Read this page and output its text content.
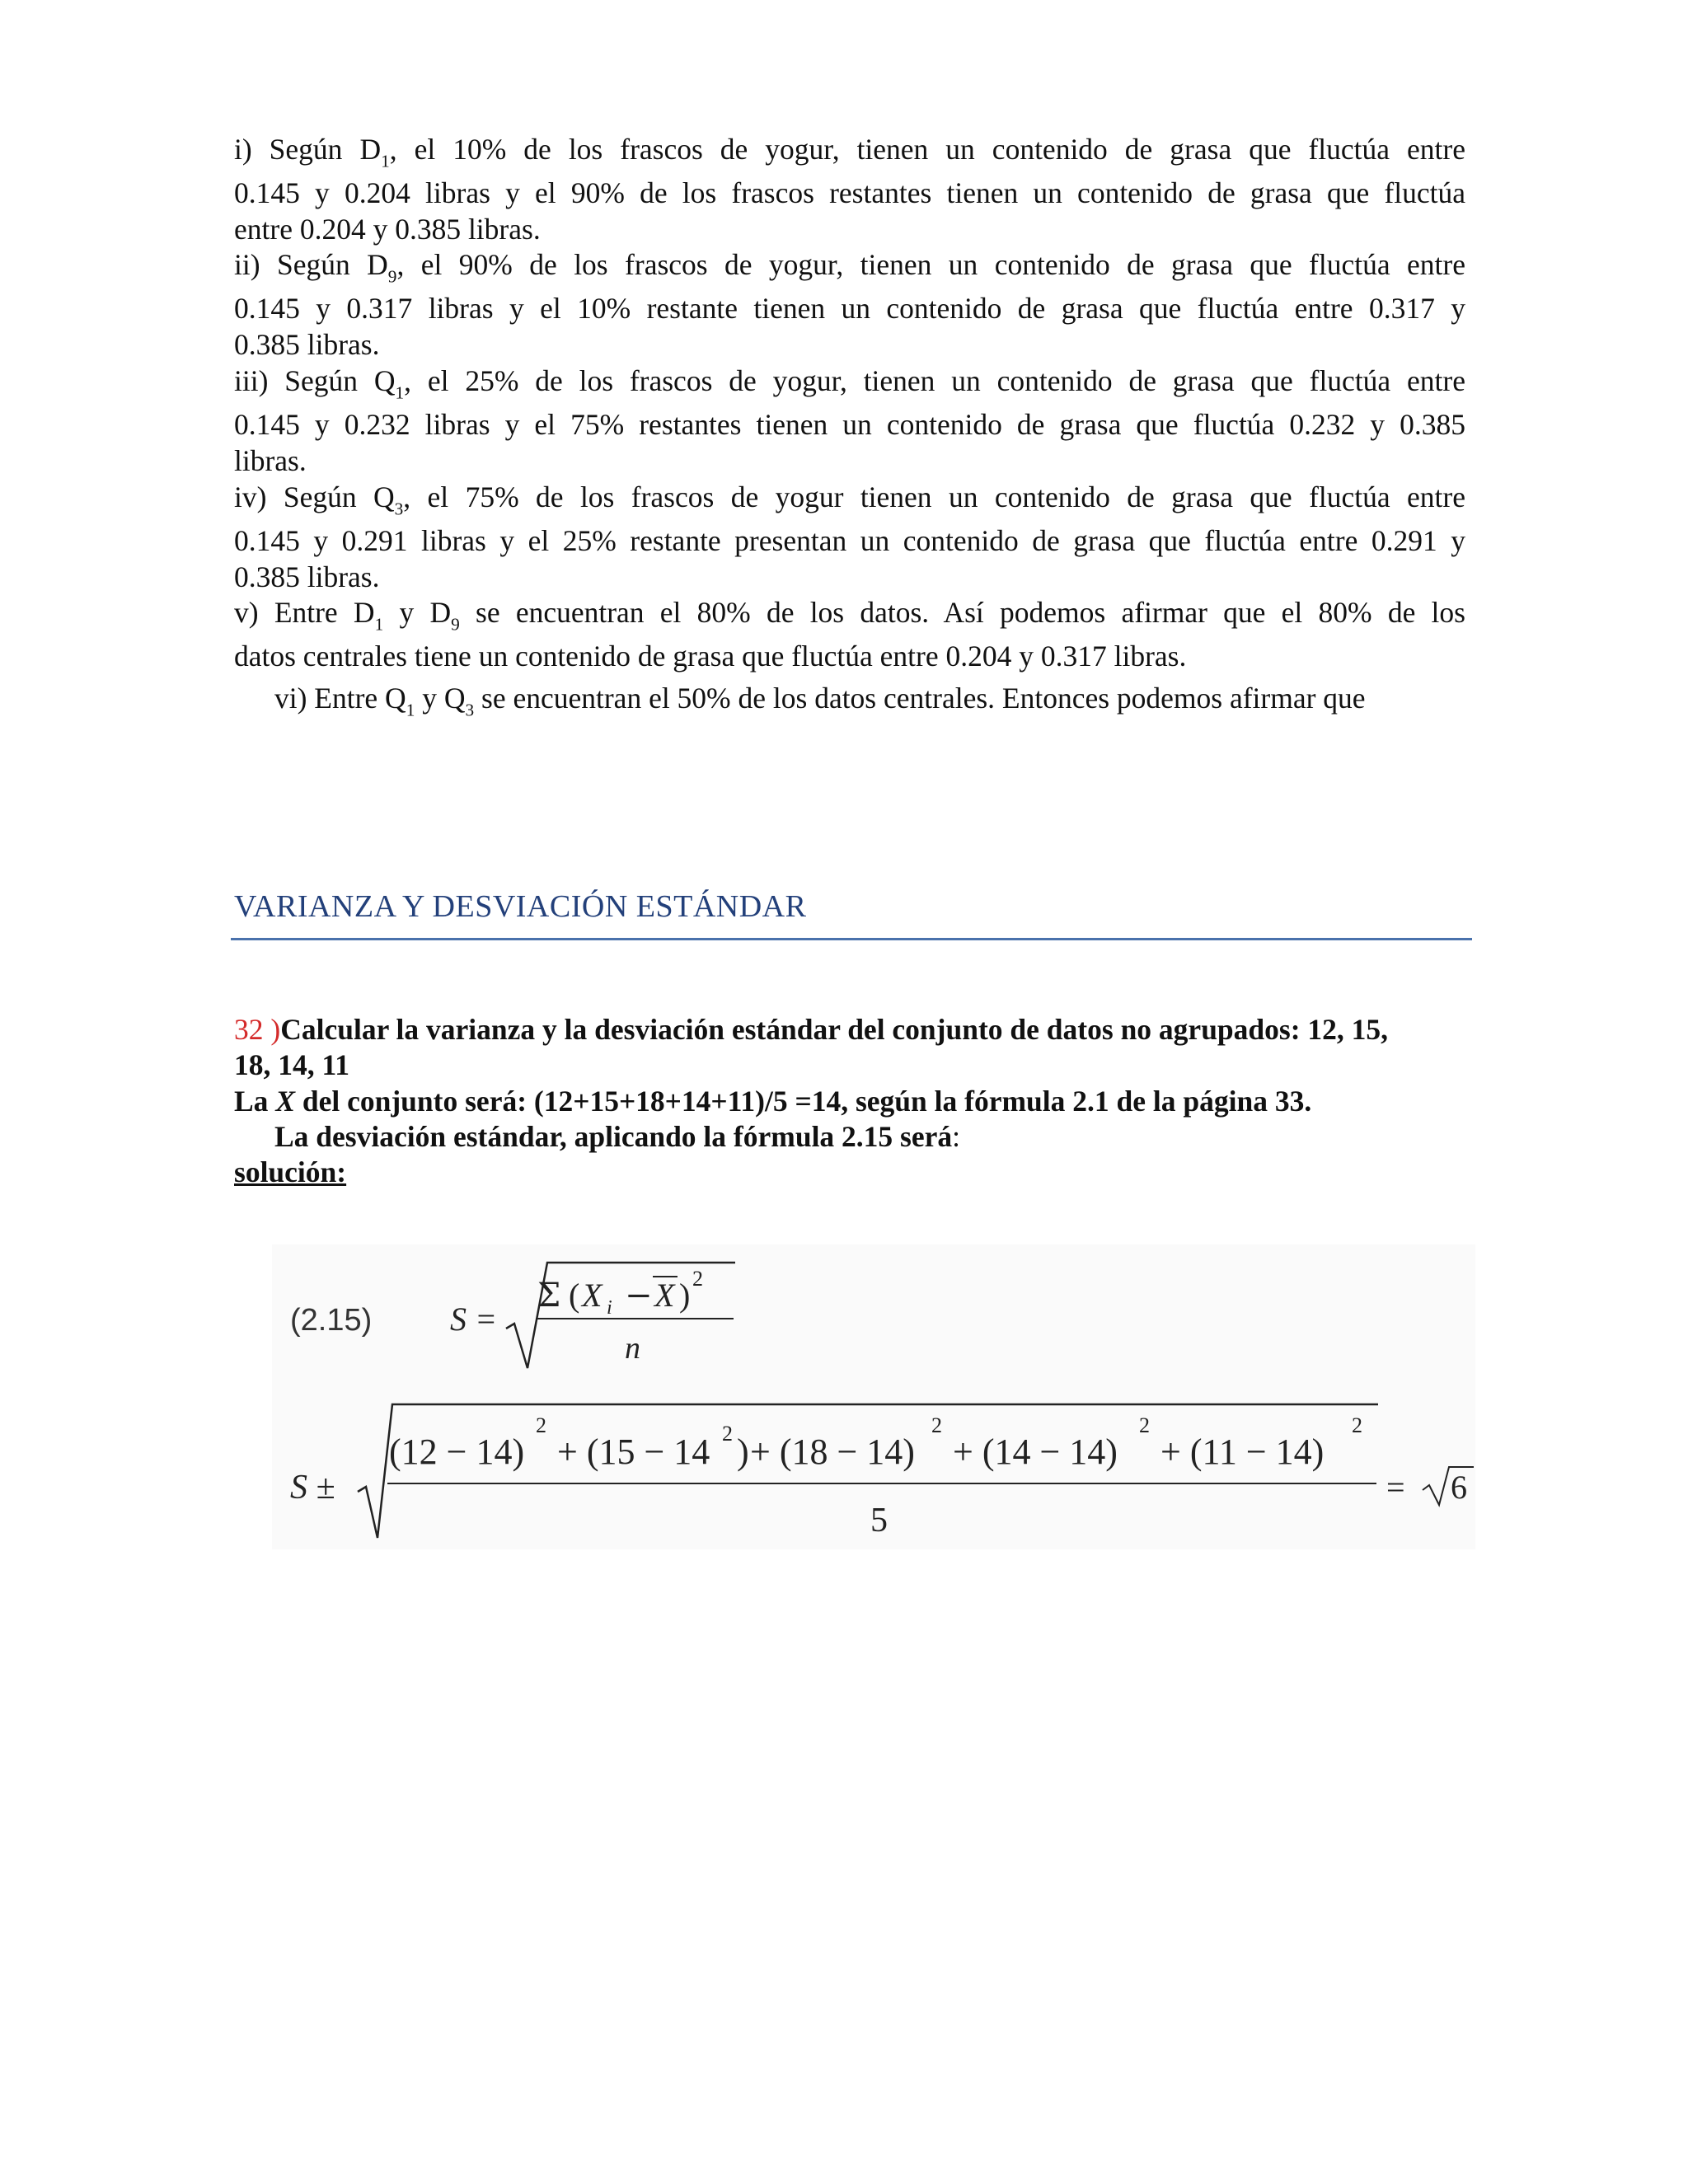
i) Según $D_1$, el 10% de los frascos de yogur, tienen un contenido de grasa que fluctúa entre
0.145 y 0.204 libras y el 90% de los frascos restantes tienen un contenido de grasa que fluctúa
entre 0.204 y 0.385 libras.
ii) Según $D_9$, el 90% de los frascos de yogur, tienen un contenido de grasa que fluctúa entre
0.145 y 0.317 libras y el 10% restante tienen un contenido de grasa que fluctúa entre 0.317 y
0.385 libras.
iii) Según $Q_1$, el 25% de los frascos de yogur, tienen un contenido de grasa que fluctúa entre
0.145 y 0.232 libras y el 75% restantes tienen un contenido de grasa que fluctúa 0.232 y 0.385
libras.
iv) Según $Q_3$, el 75% de los frascos de yogur tienen un contenido de grasa que fluctúa entre
0.145 y 0.291 libras y el 25% restante presentan un contenido de grasa que fluctúa entre 0.291 y
0.385 libras.
v) Entre $D_1$ y $D_9$ se encuentran el 80% de los datos. Así podemos afirmar que el 80% de los
datos centrales tiene un contenido de grasa que fluctúa entre 0.204 y 0.317 libras.
vi) Entre $Q_1$ y $Q_3$ se encuentran el 50% de los datos centrales. Entonces podemos afirmar que
VARIANZA Y DESVIACIÓN ESTÁNDAR
32 )Calcular la varianza y la desviación estándar del conjunto de datos no agrupados: 12, 15,
18, 14, 11
La X del conjunto será: (12+15+18+14+11)/5 =14, según la fórmula 2.1 de la página 33.
La desviación estándar, aplicando la fórmula 2.15 será:
solución:
(2.15) S =
Σ ( X i − X ) 2
n
S ±
(12 − 14)
2
+ (15 − 14 2 ) + (18 − 14)
2
+ (14 − 14)
2
+ (11 − 14)
2
5
= 6
